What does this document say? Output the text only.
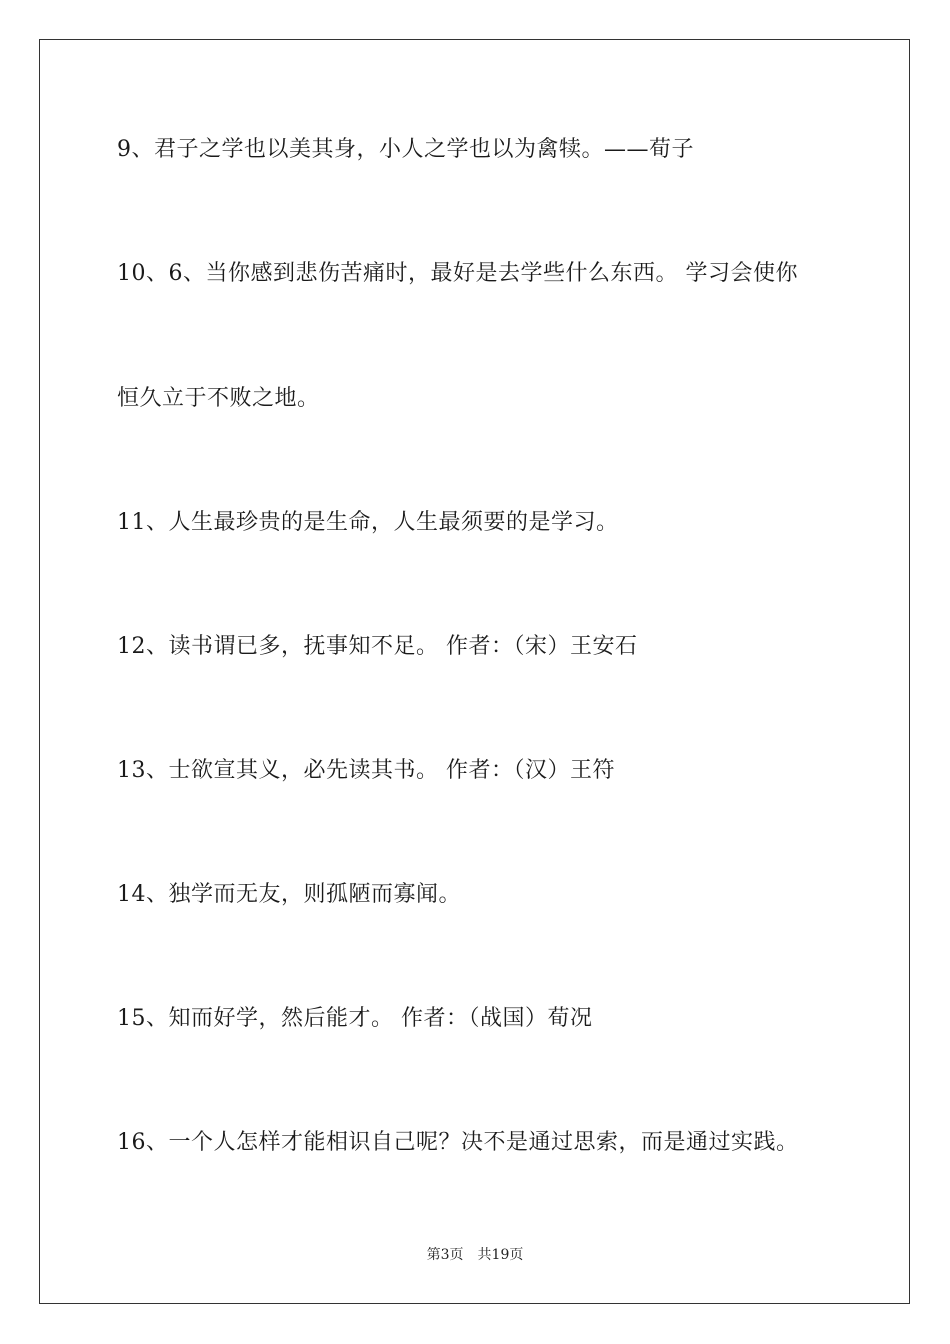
9、君子之学也以美其身，小人之学也以为禽犊。——荀子
10、6、当你感到悲伤苦痛时，最好是去学些什么东西。 学习会使你
恒久立于不败之地。
11、人生最珍贵的是生命，人生最须要的是学习。
12、读书谓已多，抚事知不足。 作者：（宋）王安石
13、士欲宣其义，必先读其书。 作者：（汉）王符
14、独学而无友，则孤陋而寡闻。
15、知而好学，然后能才。 作者：（战国）荀况
16、一个人怎样才能相识自己呢？决不是通过思索，而是通过实践。
第3页 共19页
